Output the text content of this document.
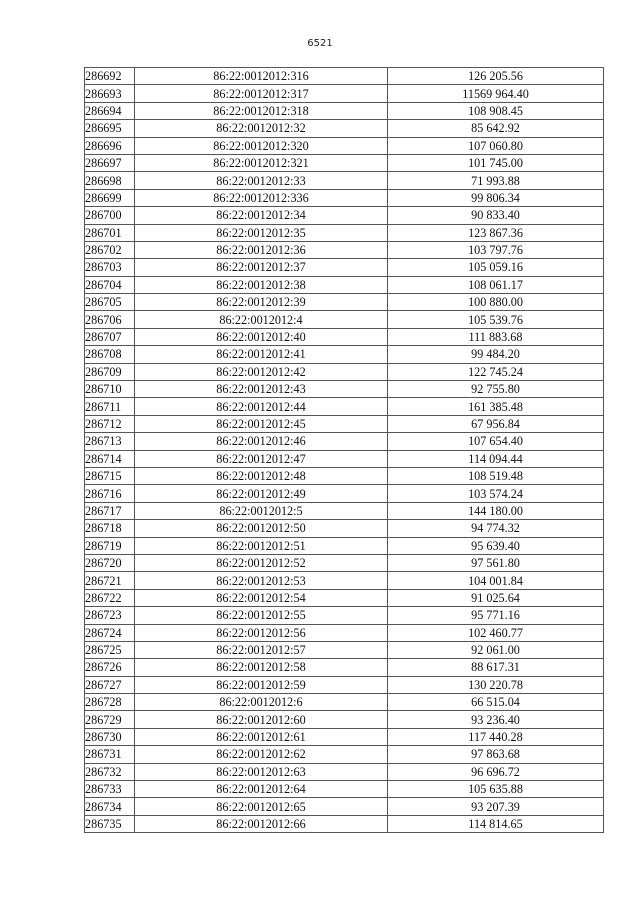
6521
286692	86:22:0012012:316	126 205.56
286693	86:22:0012012:317	11569 964.40
286694	86:22:0012012:318	108 908.45
286695	86:22:0012012:32	85 642.92
286696	86:22:0012012:320	107 060.80
286697	86:22:0012012:321	101 745.00
286698	86:22:0012012:33	71 993.88
286699	86:22:0012012:336	99 806.34
286700	86:22:0012012:34	90 833.40
286701	86:22:0012012:35	123 867.36
286702	86:22:0012012:36	103 797.76
286703	86:22:0012012:37	105 059.16
286704	86:22:0012012:38	108 061.17
286705	86:22:0012012:39	100 880.00
286706	86:22:0012012:4	105 539.76
286707	86:22:0012012:40	111 883.68
286708	86:22:0012012:41	99 484.20
286709	86:22:0012012:42	122 745.24
286710	86:22:0012012:43	92 755.80
286711	86:22:0012012:44	161 385.48
286712	86:22:0012012:45	67 956.84
286713	86:22:0012012:46	107 654.40
286714	86:22:0012012:47	114 094.44
286715	86:22:0012012:48	108 519.48
286716	86:22:0012012:49	103 574.24
286717	86:22:0012012:5	144 180.00
286718	86:22:0012012:50	94 774.32
286719	86:22:0012012:51	95 639.40
286720	86:22:0012012:52	97 561.80
286721	86:22:0012012:53	104 001.84
286722	86:22:0012012:54	91 025.64
286723	86:22:0012012:55	95 771.16
286724	86:22:0012012:56	102 460.77
286725	86:22:0012012:57	92 061.00
286726	86:22:0012012:58	88 617.31
286727	86:22:0012012:59	130 220.78
286728	86:22:0012012:6	66 515.04
286729	86:22:0012012:60	93 236.40
286730	86:22:0012012:61	117 440.28
286731	86:22:0012012:62	97 863.68
286732	86:22:0012012:63	96 696.72
286733	86:22:0012012:64	105 635.88
286734	86:22:0012012:65	93 207.39
286735	86:22:0012012:66	114 814.65
